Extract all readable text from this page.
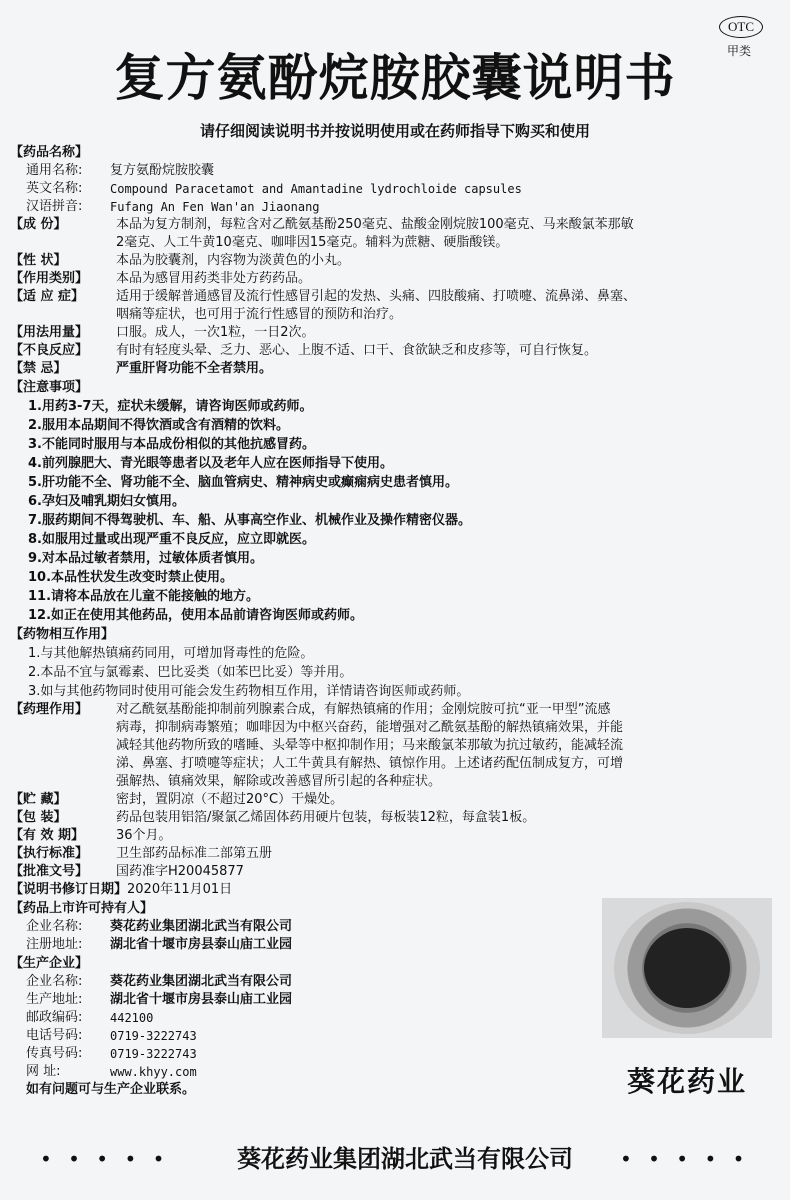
OTC
甲类
复方氨酚烷胺胶囊说明书
请仔细阅读说明书并按说明使用或在药师指导下购买和使用
【药品名称】
通用名称:	复方氨酚烷胺胶囊
英文名称:	Compound Paracetamot and Amantadine lydrochloide capsules
汉语拼音:	Fufang An Fen Wan'an Jiaonang
【成 份】	本品为复方制剂，每粒含对乙酰氨基酚250毫克、盐酸金刚烷胺100毫克、马来酸氯苯那敏
2毫克、人工牛黄10毫克、咖啡因15毫克。辅料为蔗糖、硬脂酸镁。
【性 状】	本品为胶囊剂，内容物为淡黄色的小丸。
【作用类别】	本品为感冒用药类非处方药药品。
【适 应 症】	适用于缓解普通感冒及流行性感冒引起的发热、头痛、四肢酸痛、打喷嚏、流鼻涕、鼻塞、
咽痛等症状，也可用于流行性感冒的预防和治疗。
【用法用量】	口服。成人，一次1粒，一日2次。
【不良反应】	有时有轻度头晕、乏力、恶心、上腹不适、口干、食欲缺乏和皮疹等，可自行恢复。
【禁 忌】	严重肝肾功能不全者禁用。
【注意事项】
1.用药3-7天，症状未缓解，请咨询医师或药师。
2.服用本品期间不得饮酒或含有酒精的饮料。
3.不能同时服用与本品成份相似的其他抗感冒药。
4.前列腺肥大、青光眼等患者以及老年人应在医师指导下使用。
5.肝功能不全、肾功能不全、脑血管病史、精神病史或癫痫病史患者慎用。
6.孕妇及哺乳期妇女慎用。
7.服药期间不得驾驶机、车、船、从事高空作业、机械作业及操作精密仪器。
8.如服用过量或出现严重不良反应，应立即就医。
9.对本品过敏者禁用，过敏体质者慎用。
10.本品性状发生改变时禁止使用。
11.请将本品放在儿童不能接触的地方。
12.如正在使用其他药品，使用本品前请咨询医师或药师。
【药物相互作用】
1.与其他解热镇痛药同用，可增加肾毒性的危险。
2.本品不宜与氯霉素、巴比妥类（如苯巴比妥）等并用。
3.如与其他药物同时使用可能会发生药物相互作用，详情请咨询医师或药师。
【药理作用】	对乙酰氨基酚能抑制前列腺素合成，有解热镇痛的作用；金刚烷胺可抗“亚一甲型”流感
病毒，抑制病毒繁殖；咖啡因为中枢兴奋药，能增强对乙酰氨基酚的解热镇痛效果，并能
减轻其他药物所致的嗜睡、头晕等中枢抑制作用；马来酸氯苯那敏为抗过敏药，能减轻流
涕、鼻塞、打喷嚏等症状；人工牛黄具有解热、镇惊作用。上述诸药配伍制成复方，可增
强解热、镇痛效果，解除或改善感冒所引起的各种症状。
【贮 藏】	密封，置阴凉（不超过20°C）干燥处。
【包 装】	药品包装用铝箔/聚氯乙烯固体药用硬片包装，每板装12粒，每盒装1板。
【有 效 期】	36个月。
【执行标准】	卫生部药品标准二部第五册
【批准文号】	国药准字H20045877
【说明书修订日期】 2020年11月01日
【药品上市许可持有人】
企业名称:	葵花药业集团湖北武当有限公司
注册地址:	湖北省十堰市房县泰山庙工业园
【生产企业】
企业名称:	葵花药业集团湖北武当有限公司
生产地址:	湖北省十堰市房县泰山庙工业园
邮政编码:	442100
电话号码:	0719-3222743
传真号码:	0719-3222743
网 址:	www.khyy.com
如有问题可与生产企业联系。	葵花药业
• • • • •	葵花药业集团湖北武当有限公司	• • • • •
